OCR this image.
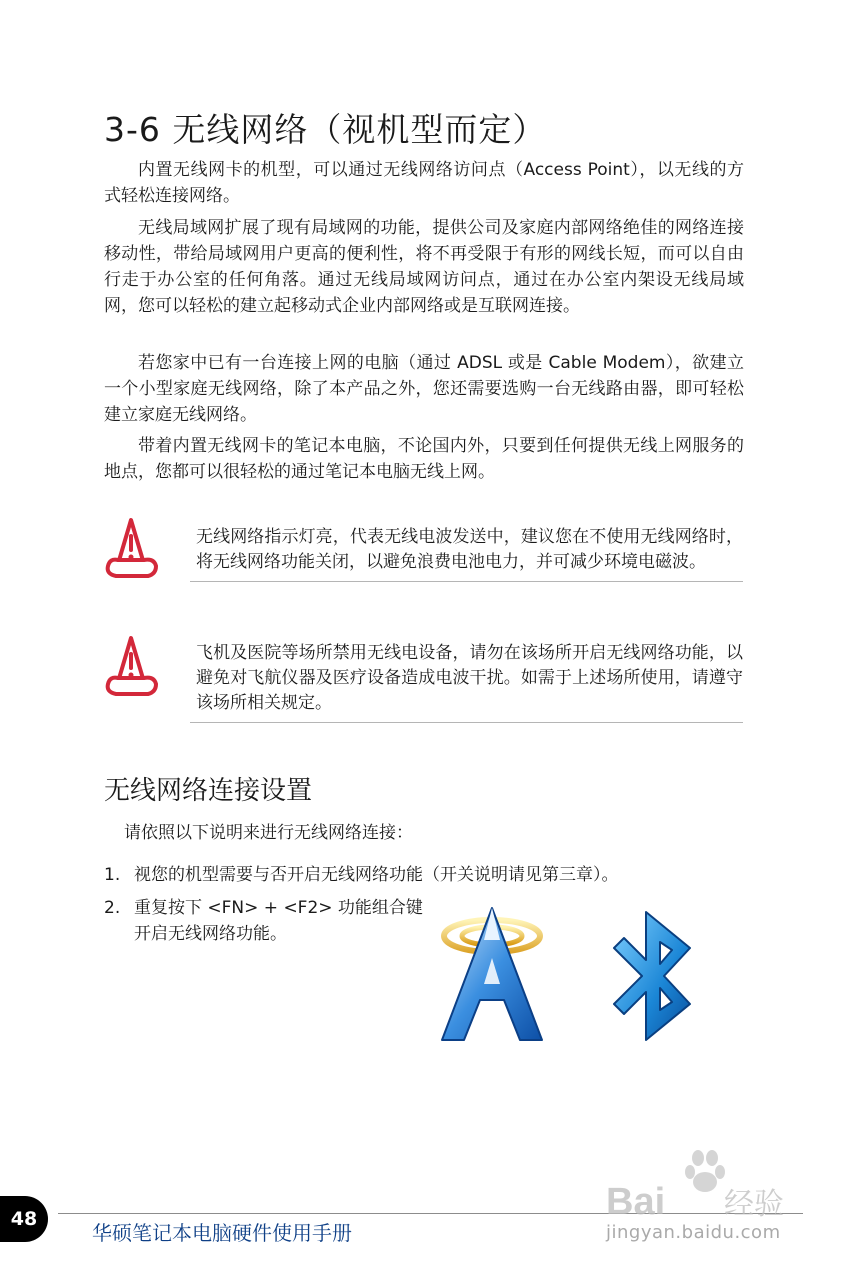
3-6 无线网络（视机型而定）

内置无线网卡的机型，可以通过无线网络访问点（Access Point），以无线的方式轻松连接网络。

无线局域网扩展了现有局域网的功能，提供公司及家庭内部网络绝佳的网络连接移动性，带给局域网用户更高的便利性，将不再受限于有形的网线长短，而可以自由行走于办公室的任何角落。通过无线局域网访问点，通过在办公室内架设无线局域网，您可以轻松的建立起移动式企业内部网络或是互联网连接。

若您家中已有一台连接上网的电脑（通过 ADSL 或是 Cable Modem），欲建立一个小型家庭无线网络，除了本产品之外，您还需要选购一台无线路由器，即可轻松建立家庭无线网络。

带着内置无线网卡的笔记本电脑，不论国内外，只要到任何提供无线上网服务的地点，您都可以很轻松的通过笔记本电脑无线上网。

无线网络指示灯亮，代表无线电波发送中，建议您在不使用无线网络时，将无线网络功能关闭，以避免浪费电池电力，并可减少环境电磁波。

飞机及医院等场所禁用无线电设备，请勿在该场所开启无线网络功能，以避免对飞航仪器及医疗设备造成电波干扰。如需于上述场所使用，请遵守该场所相关规定。

无线网络连接设置

请依照以下说明来进行无线网络连接：

1. 视您的机型需要与否开启无线网络功能（开关说明请见第三章）。
2. 重复按下 <FN> + <F2> 功能组合键开启无线网络功能。
48
华硕笔记本电脑硬件使用手册
Bai 经验
jingyan.baidu.com
